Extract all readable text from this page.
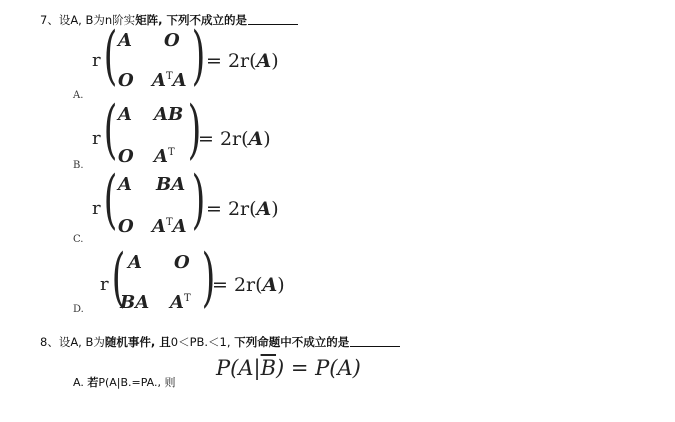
7、设A, B为n阶实矩阵, 下列不成立的是
A.
r ( A O
O $A^TA$ ) = 2r(A)
B.
r ( A AB
O $A^T$ )
= 2r(A)
C.
r ( A BA
O $A^TA$ ) = 2r(A)
D.
r ( A O
BA $A^T$ )
= 2r(A)
8、设A, B为随机事件, 且0＜PB.＜1, 下列命题中不成立的是
A. 若P(A|B.=PA., 则
$P(A|\overline{B}) = P(A)$
